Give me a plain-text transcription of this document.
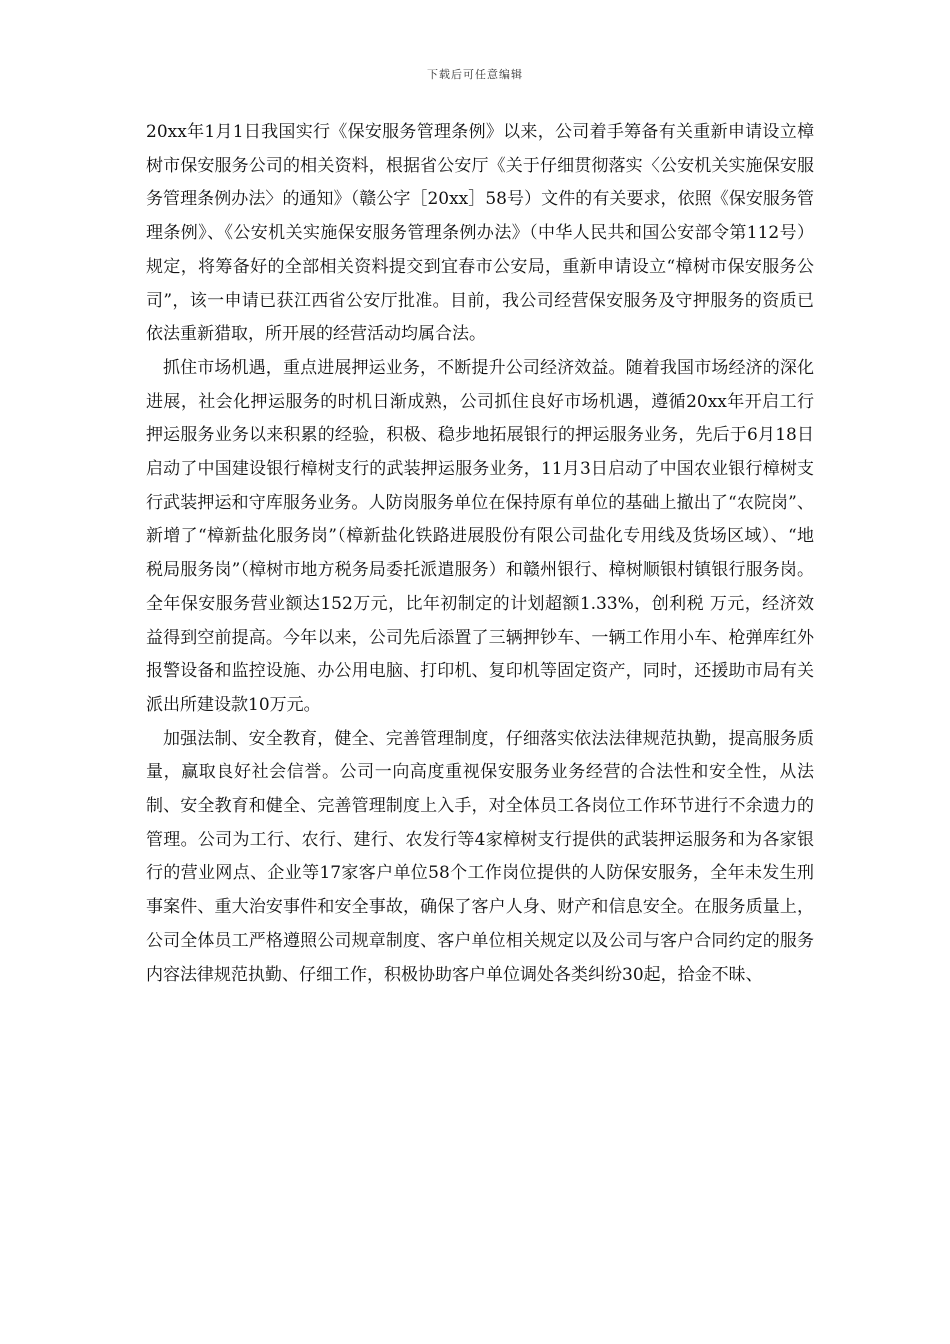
下载后可任意编辑

20xx年1月1日我国实行《保安服务管理条例》以来，公司着手筹备有关重新申请设立樟树市保安服务公司的相关资料，根据省公安厅《关于仔细贯彻落实〈公安机关实施保安服务管理条例办法〉的通知》（赣公字［20xx］58号）文件的有关要求，依照《保安服务管理条例》、《公安机关实施保安服务管理条例办法》（中华人民共和国公安部令第112号）规定，将筹备好的全部相关资料提交到宜春市公安局，重新申请设立“樟树市保安服务公司”，该一申请已获江西省公安厅批准。目前，我公司经营保安服务及守押服务的资质已依法重新猎取，所开展的经营活动均属合法。

抓住市场机遇，重点进展押运业务，不断提升公司经济效益。随着我国市场经济的深化进展，社会化押运服务的时机日渐成熟，公司抓住良好市场机遇，遵循20xx年开启工行押运服务业务以来积累的经验，积极、稳步地拓展银行的押运服务业务，先后于6月18日启动了中国建设银行樟树支行的武装押运服务业务，11月3日启动了中国农业银行樟树支行武装押运和守库服务业务。人防岗服务单位在保持原有单位的基础上撤出了“农院岗”、新增了“樟新盐化服务岗”（樟新盐化铁路进展股份有限公司盐化专用线及货场区域）、“地税局服务岗”（樟树市地方税务局委托派遣服务）和赣州银行、樟树顺银村镇银行服务岗。全年保安服务营业额达152万元，比年初制定的计划超额1.33%，创利税 万元，经济效益得到空前提高。今年以来，公司先后添置了三辆押钞车、一辆工作用小车、枪弹库红外报警设备和监控设施、办公用电脑、打印机、复印机等固定资产，同时，还援助市局有关派出所建设款10万元。

加强法制、安全教育，健全、完善管理制度，仔细落实依法法律规范执勤，提高服务质量，赢取良好社会信誉。公司一向高度重视保安服务业务经营的合法性和安全性，从法制、安全教育和健全、完善管理制度上入手，对全体员工各岗位工作环节进行不余遗力的管理。公司为工行、农行、建行、农发行等4家樟树支行提供的武装押运服务和为各家银行的营业网点、企业等17家客户单位58个工作岗位提供的人防保安服务，全年未发生刑事案件、重大治安事件和安全事故，确保了客户人身、财产和信息安全。在服务质量上，公司全体员工严格遵照公司规章制度、客户单位相关规定以及公司与客户合同约定的服务内容法律规范执勤、仔细工作，积极协助客户单位调处各类纠纷30起，拾金不昧、
